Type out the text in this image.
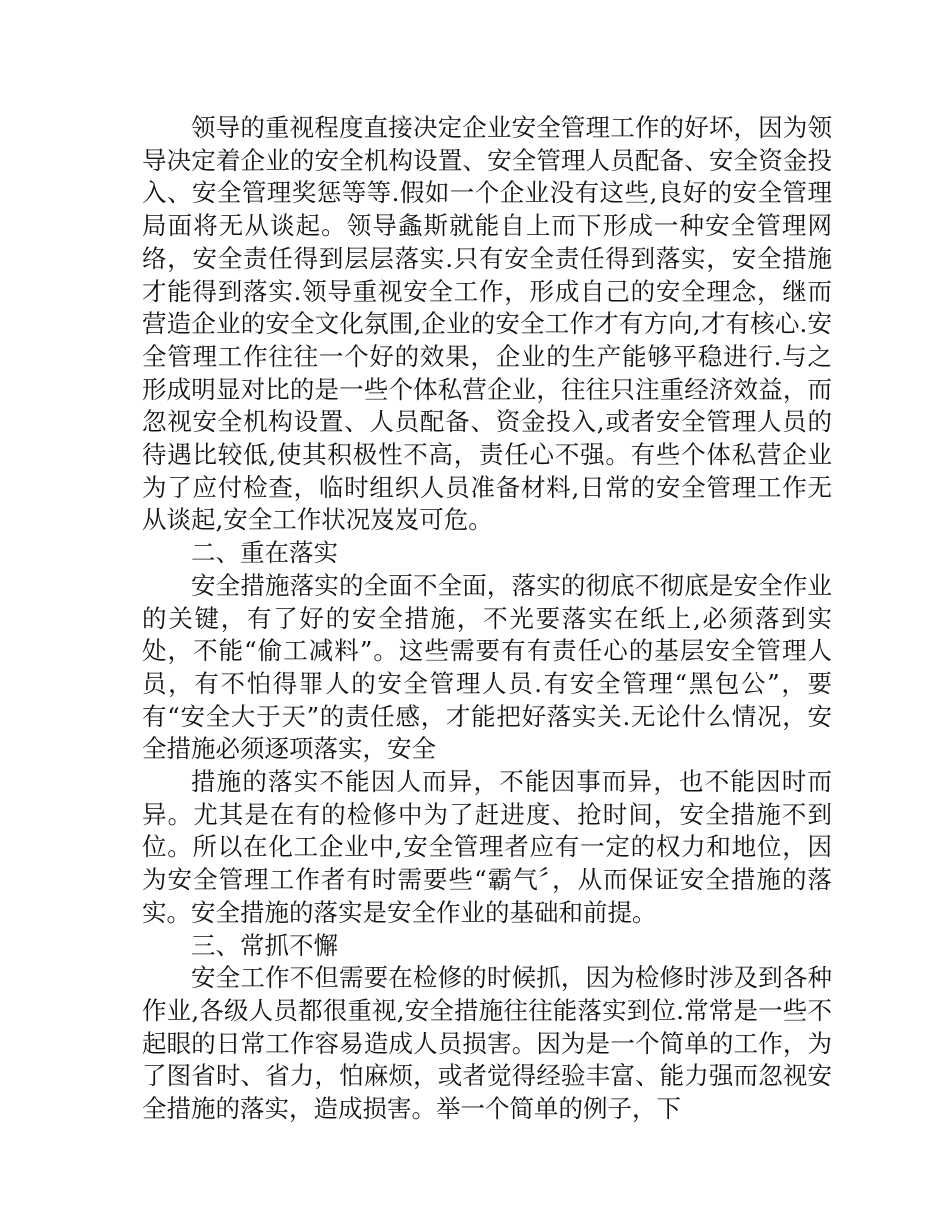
领导的重视程度直接决定企业安全管理工作的好坏，因为领导决定着企业的安全机构设置、安全管理人员配备、安全资金投入、安全管理奖惩等等.假如一个企业没有这些,良好的安全管理局面将无从谈起。领导螽斯就能自上而下形成一种安全管理网络，安全责任得到层层落实.只有安全责任得到落实，安全措施才能得到落实.领导重视安全工作，形成自己的安全理念，继而营造企业的安全文化氛围,企业的安全工作才有方向,才有核心.安全管理工作往往一个好的效果，企业的生产能够平稳进行.与之形成明显对比的是一些个体私营企业，往往只注重经济效益，而忽视安全机构设置、人员配备、资金投入,或者安全管理人员的待遇比较低,使其积极性不高，责任心不强。有些个体私营企业为了应付检查，临时组织人员准备材料,日常的安全管理工作无从谈起,安全工作状况岌岌可危。

二、重在落实

安全措施落实的全面不全面，落实的彻底不彻底是安全作业的关键，有了好的安全措施，不光要落实在纸上,必须落到实处，不能“偷工减料”。这些需要有有责任心的基层安全管理人员，有不怕得罪人的安全管理人员.有安全管理“黑包公”，要有“安全大于天”的责任感，才能把好落实关.无论什么情况，安全措施必须逐项落实，安全

措施的落实不能因人而异，不能因事而异，也不能因时而异。尤其是在有的检修中为了赶进度、抢时间，安全措施不到位。所以在化工企业中,安全管理者应有一定的权力和地位，因为安全管理工作者有时需要些“霸气〞，从而保证安全措施的落实。安全措施的落实是安全作业的基础和前提。

三、常抓不懈

安全工作不但需要在检修的时候抓，因为检修时涉及到各种作业,各级人员都很重视,安全措施往往能落实到位.常常是一些不起眼的日常工作容易造成人员损害。因为是一个简单的工作，为了图省时、省力，怕麻烦，或者觉得经验丰富、能力强而忽视安全措施的落实，造成损害。举一个简单的例子，下
